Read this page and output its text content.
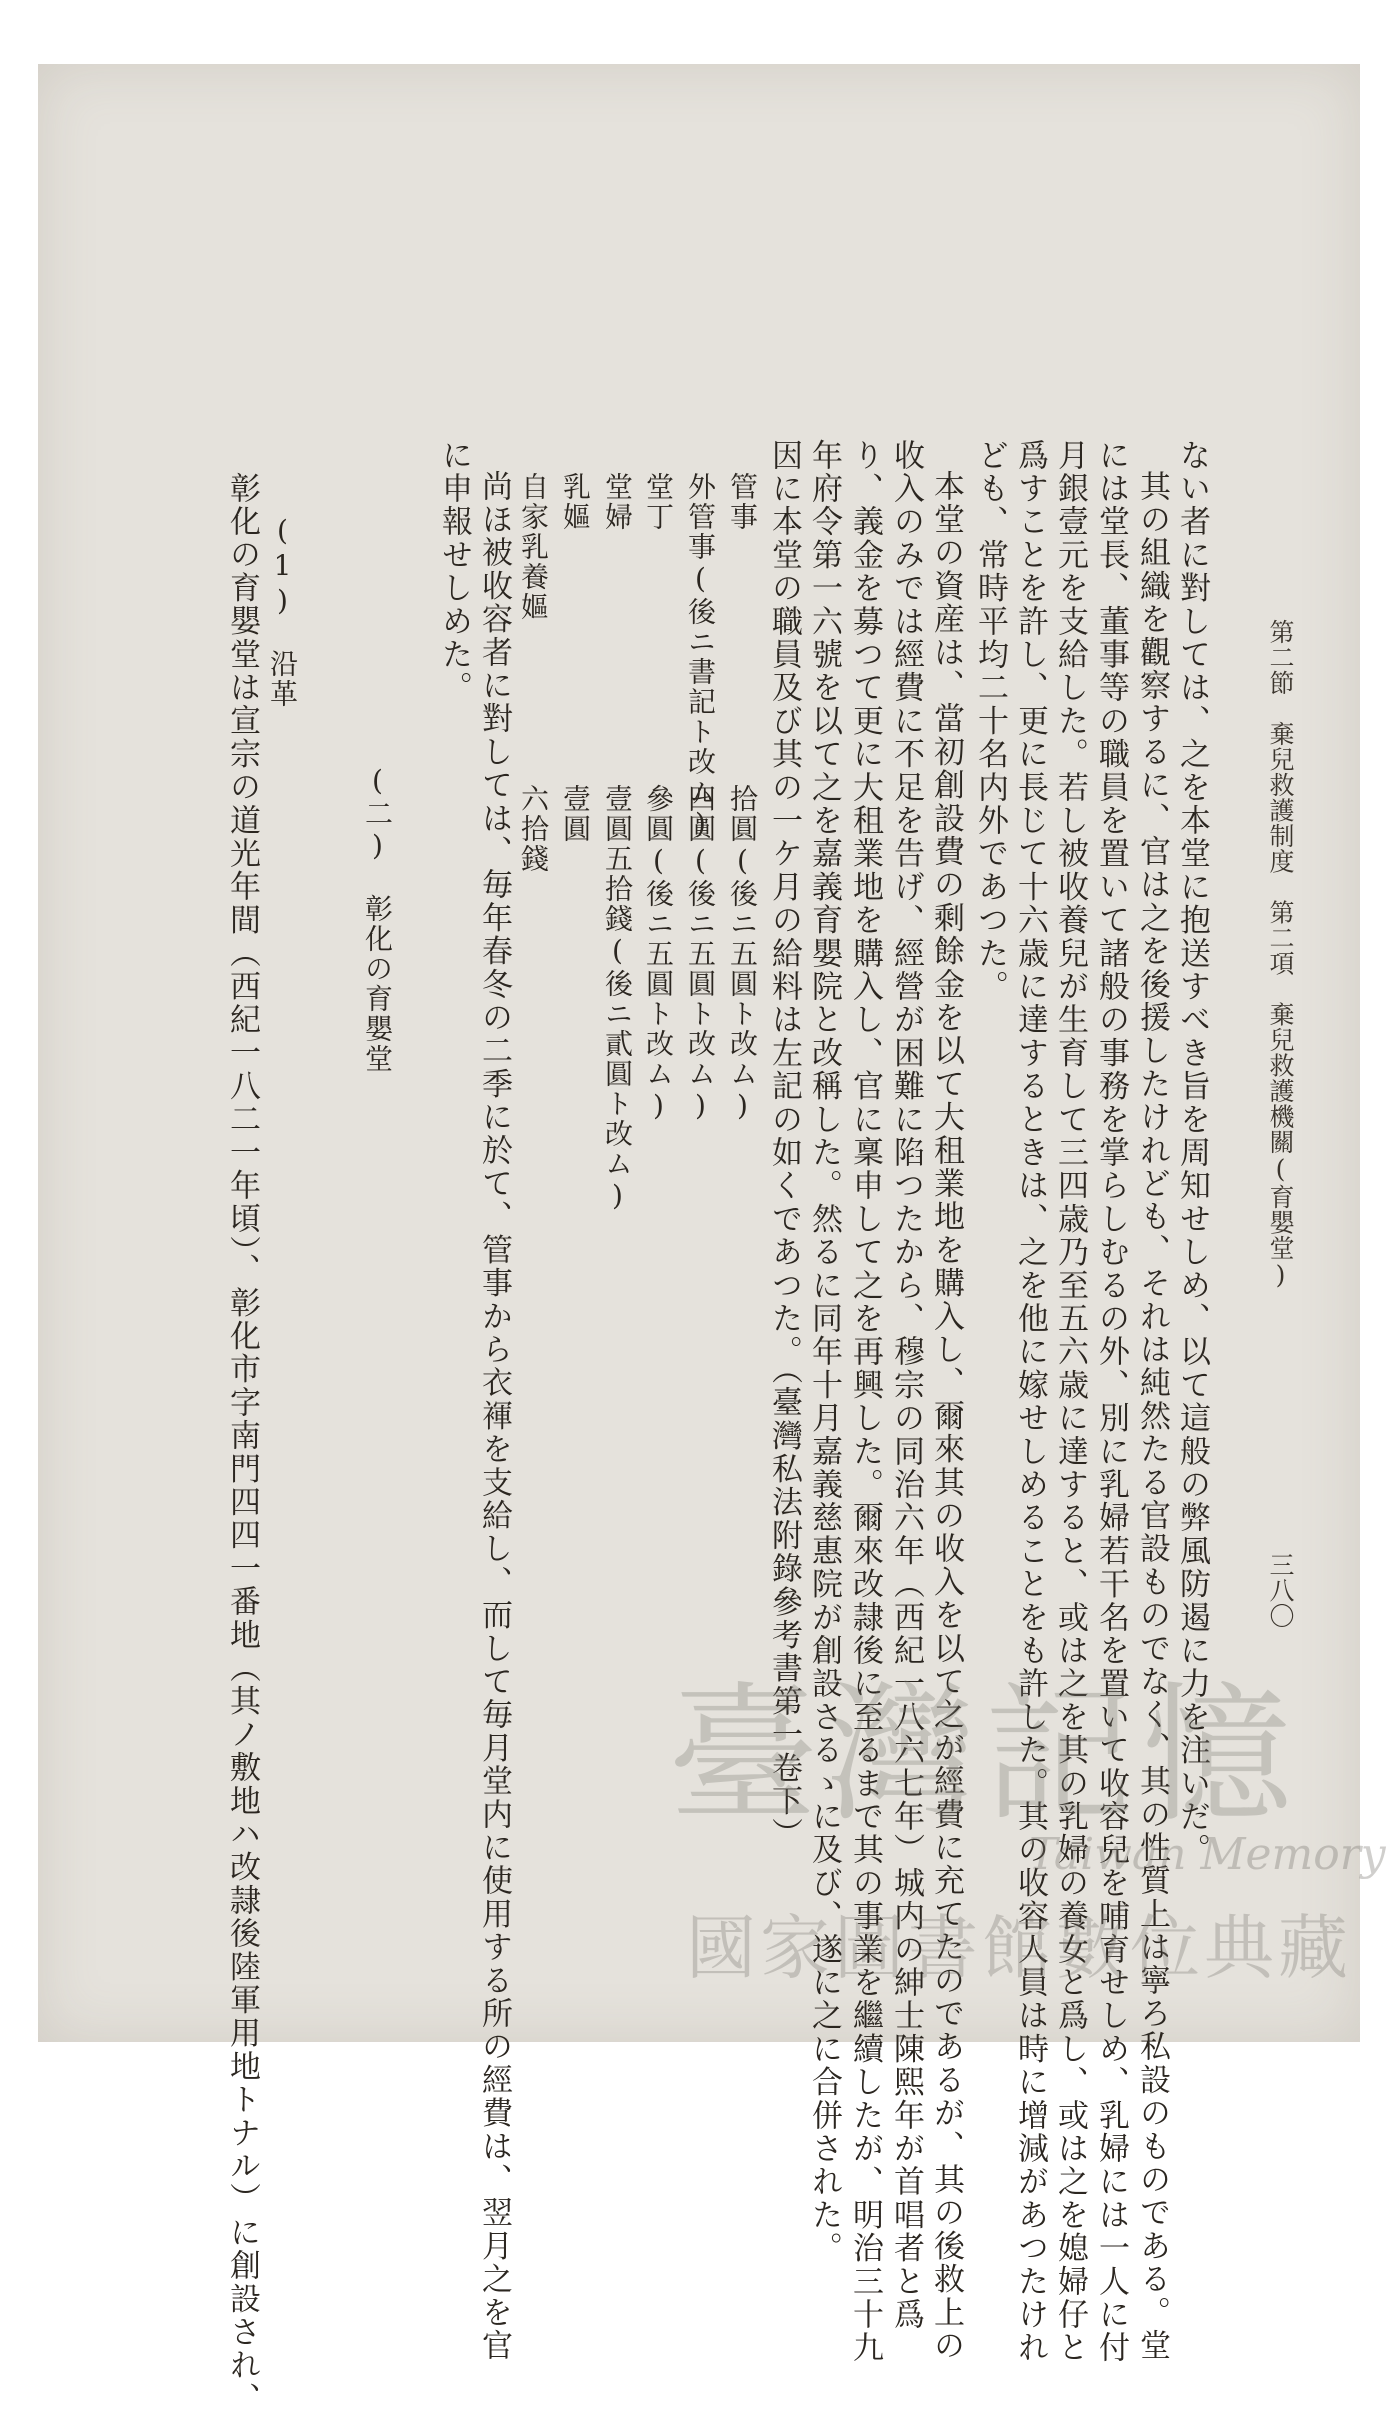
第二節　棄兒救護制度　第二項　棄兒救護機關(育嬰堂)
三八〇
ない者に對しては、之を本堂に抱送すべき旨を周知せしめ、以て這般の弊風防遏に力を注いだ。
其の組織を觀察するに、官は之を後援したけれども、それは純然たる官設ものでなく、其の性質上は寧ろ私設のものである。堂
には堂長、董事等の職員を置いて諸般の事務を掌らしむるの外、別に乳婦若干名を置いて收容兒を哺育せしめ、乳婦には一人に付
月銀壹元を支給した。若し被收養兒が生育して三四歳乃至五六歳に達すると、或は之を其の乳婦の養女と爲し、或は之を媳婦仔と
爲すことを許し、更に長じて十六歳に達するときは、之を他に嫁せしめることをも許した。其の收容人員は時に增減があつたけれ
ども、常時平均二十名内外であつた。
本堂の資産は、當初創設費の剩餘金を以て大租業地を購入し、爾來其の收入を以て之が經費に充てたのであるが、其の後救上の
收入のみでは經費に不足を告げ、經營が困難に陷つたから、穆宗の同治六年（西紀一八六七年）城内の紳士陳熙年が首唱者と爲
り、義金を募つて更に大租業地を購入し、官に稟申して之を再興した。爾來改隷後に至るまで其の事業を繼續したが、明治三十九
年府令第一六號を以て之を嘉義育嬰院と改稱した。然るに同年十月嘉義慈惠院が創設さるゝに及び、遂に之に合併された。
因に本堂の職員及び其の一ケ月の給料は左記の如くであつた。（臺灣私法附錄參考書第一卷下）
管事
拾圓(後ニ五圓ト改ム)
外管事(後ニ書記ト改ム)
四圓(後ニ五圓ト改ム)
堂丁
參圓(後ニ五圓ト改ム)
堂婦
壹圓五拾錢(後ニ貳圓ト改ム)
乳嫗
壹圓
自家乳養嫗
六拾錢
尚ほ被收容者に對しては、毎年春冬の二季に於て、管事から衣褌を支給し、而して毎月堂内に使用する所の經費は、翌月之を官
に申報せしめた。
(二)　彰化の育嬰堂
(1)　沿革
彰化の育嬰堂は宣宗の道光年間（西紀一八二一年頃）、彰化市字南門四四一番地（其ノ敷地ハ改隷後陸軍用地トナル）に創設され、	臺灣記憶
Taiwan Memory
國家圖書館數位典藏
